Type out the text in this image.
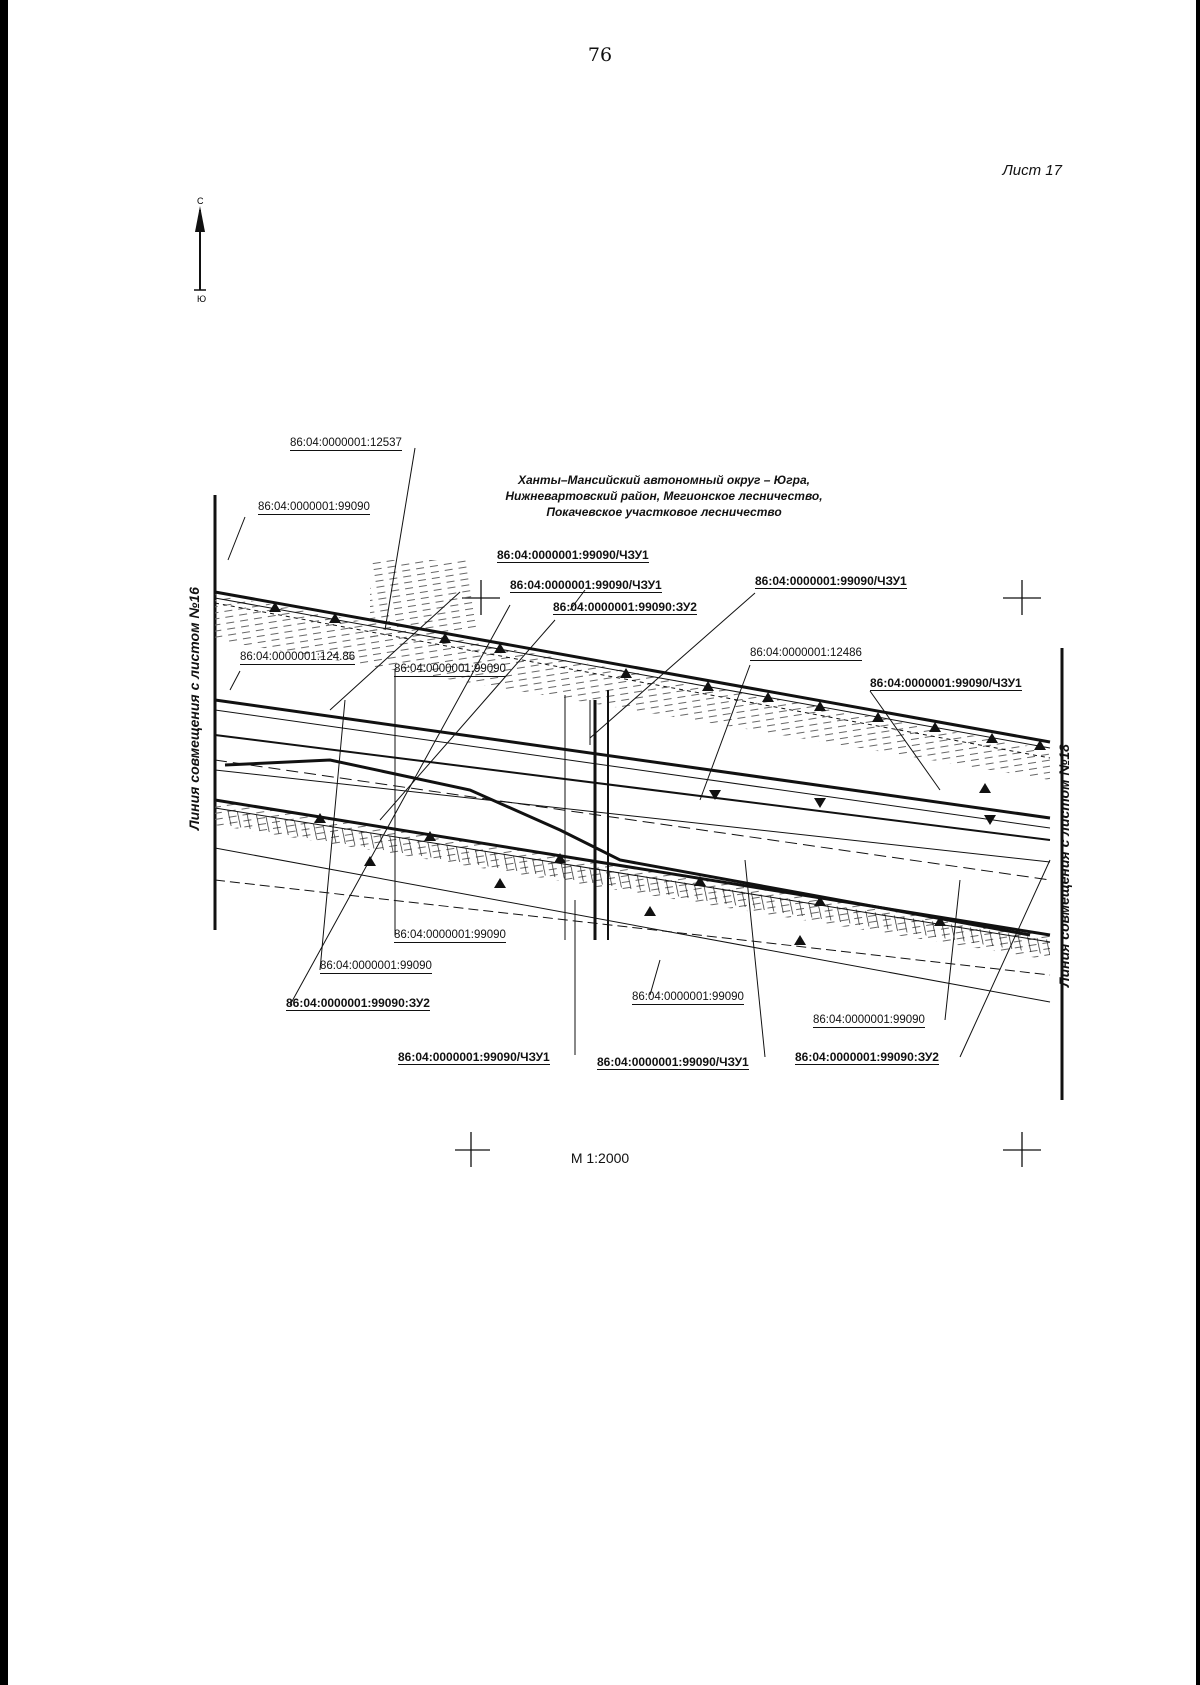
76
Лист 17
С
Ю
Ханты–Мансийский автономный округ – Югра,
Нижневартовский район, Мегионское лесничество,
Покачевское участковое лесничество
Линия совмещения с листом №16
Линия совмещения с листом №18
86:04:0000001:12537
86:04:0000001:99090
86:04:0000001:99090/ЧЗУ1
86:04:0000001:99090/ЧЗУ1
86:04:0000001:99090:ЗУ2
86:04:0000001:99090/ЧЗУ1
86:04:0000001:124.86
86:04:0000001:99090
86:04:0000001:12486
86:04:0000001:99090/ЧЗУ1
86:04:0000001:99090
86:04:0000001:99090
86:04:0000001:99090:ЗУ2	86:04:0000001:99090
86:04:0000001:99090
86:04:0000001:99090/ЧЗУ1	86:04:0000001:99090/ЧЗУ1	86:04:0000001:99090:ЗУ2
М 1:2000
